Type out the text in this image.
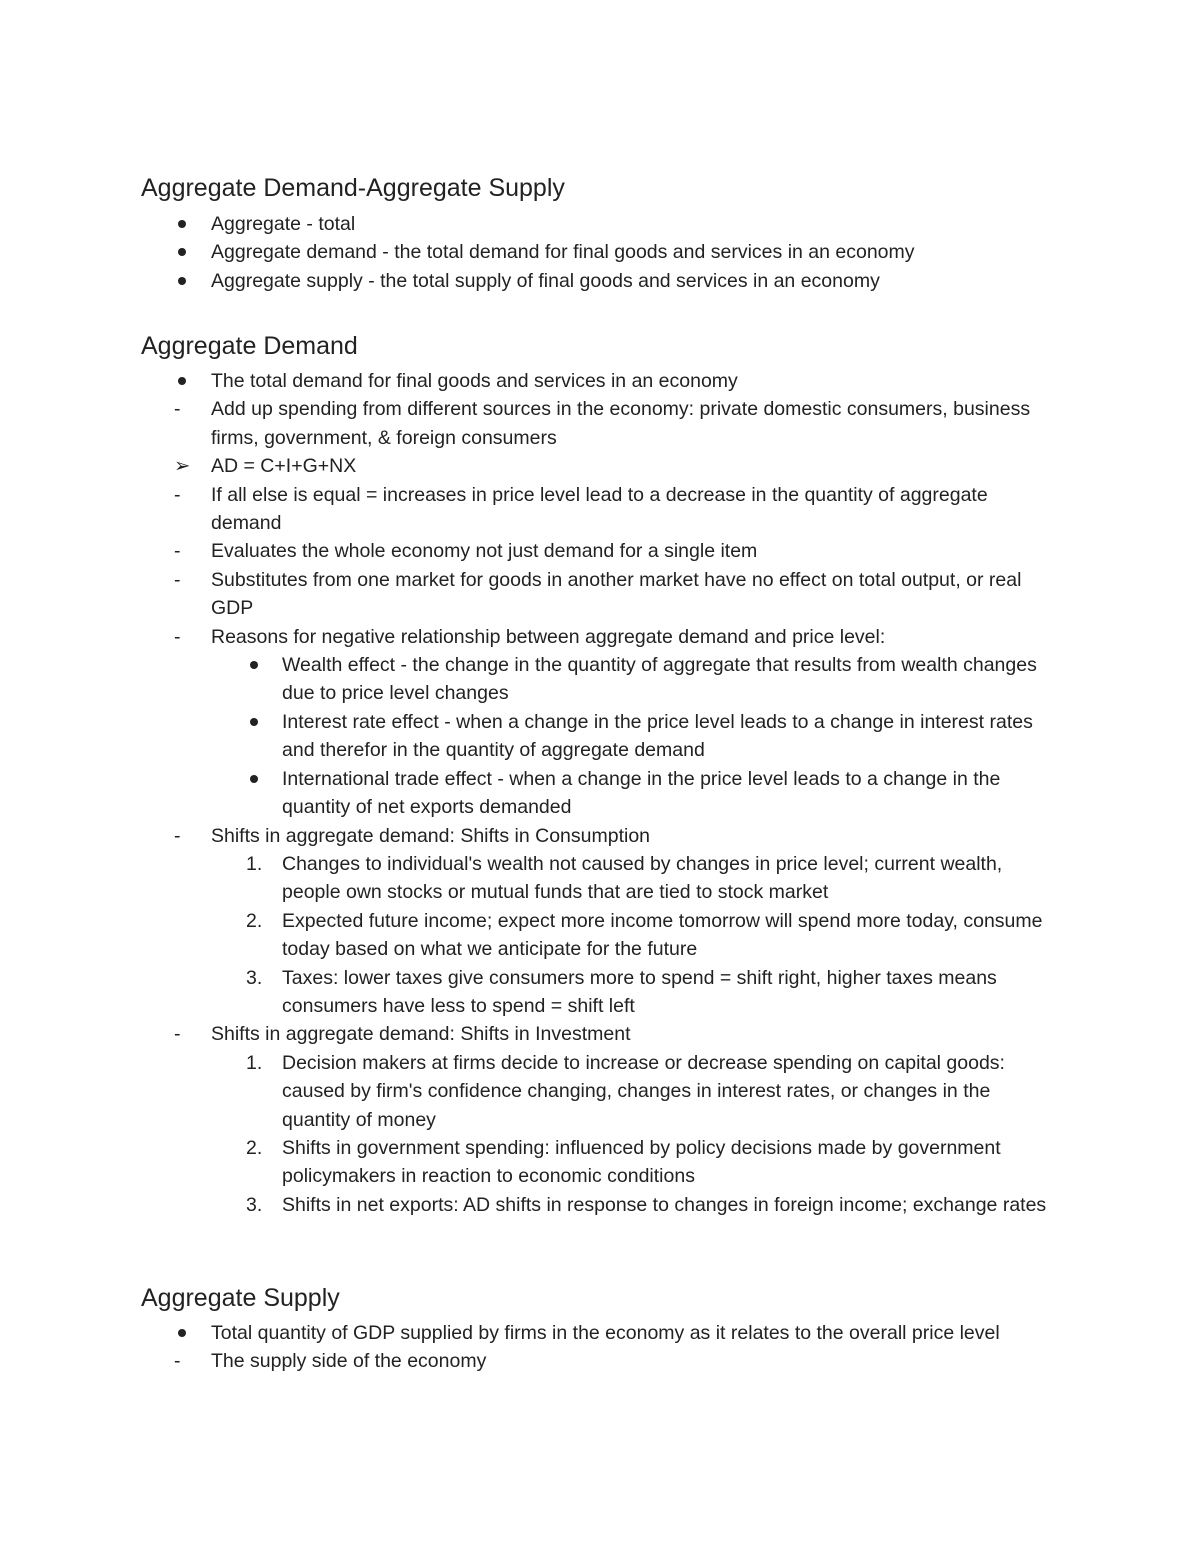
Aggregate Demand-Aggregate Supply
Aggregate - total
Aggregate demand - the total demand for final goods and services in an economy
Aggregate supply - the total supply of final goods and services in an economy
Aggregate Demand
The total demand for final goods and services in an economy
- Add up spending from different sources in the economy: private domestic consumers, business firms, government, & foreign consumers
➢ AD = C+I+G+NX
- If all else is equal = increases in price level lead to a decrease in the quantity of aggregate demand
- Evaluates the whole economy not just demand for a single item
- Substitutes from one market for goods in another market have no effect on total output, or real GDP
- Reasons for negative relationship between aggregate demand and price level:
Wealth effect - the change in the quantity of aggregate that results from wealth changes due to price level changes
Interest rate effect - when a change in the price level leads to a change in interest rates and therefor in the quantity of aggregate demand
International trade effect - when a change in the price level leads to a change in the quantity of net exports demanded
- Shifts in aggregate demand: Shifts in Consumption
1. Changes to individual's wealth not caused by changes in price level; current wealth, people own stocks or mutual funds that are tied to stock market
2. Expected future income; expect more income tomorrow will spend more today, consume today based on what we anticipate for the future
3. Taxes: lower taxes give consumers more to spend = shift right, higher taxes means consumers have less to spend = shift left
- Shifts in aggregate demand: Shifts in Investment
1. Decision makers at firms decide to increase or decrease spending on capital goods: caused by firm's confidence changing, changes in interest rates, or changes in the quantity of money
2. Shifts in government spending: influenced by policy decisions made by government policymakers in reaction to economic conditions
3. Shifts in net exports: AD shifts in response to changes in foreign income; exchange rates
Aggregate Supply
Total quantity of GDP supplied by firms in the economy as it relates to the overall price level
- The supply side of the economy
